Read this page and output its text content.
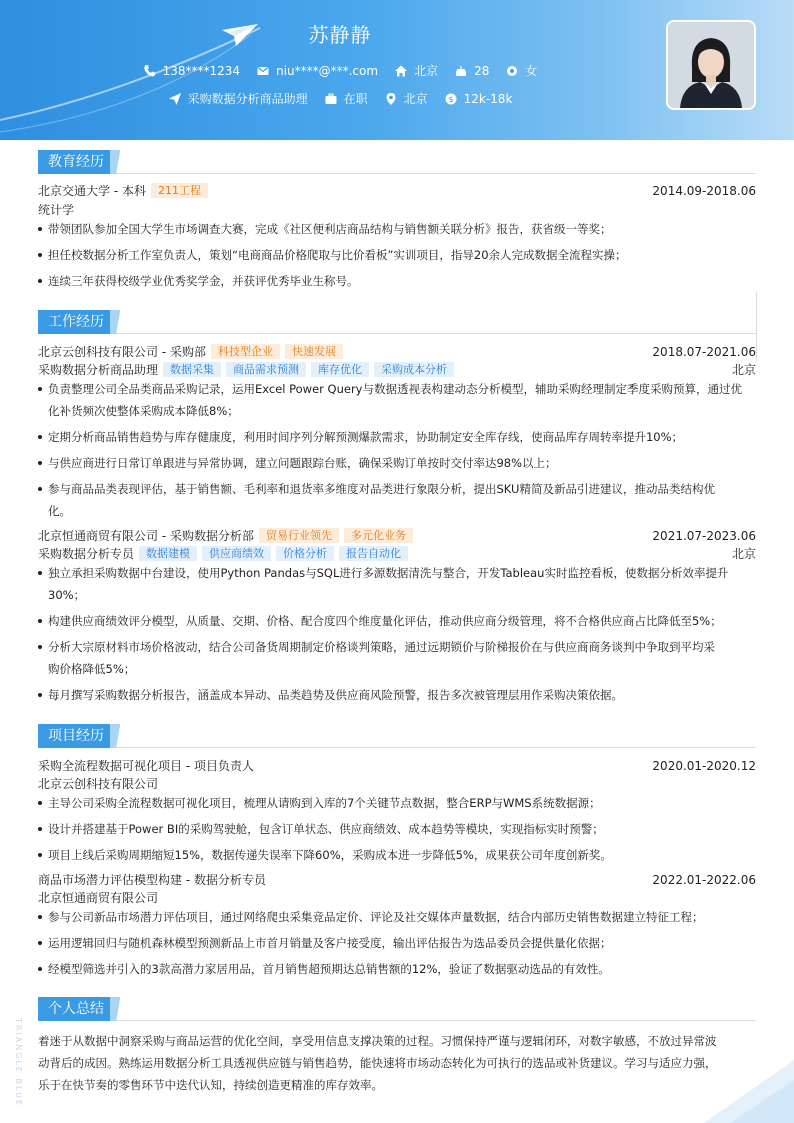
苏静静
138****1234	niu****@***.com	北京	28	女
采购数据分析商品助理	在职	北京	$ 12k-18k
教育经历
北京交通大学 - 本科	211工程	2014.09-2018.06
统计学
带领团队参加全国大学生市场调查大赛，完成《社区便利店商品结构与销售额关联分析》报告，获省级一等奖；
担任校数据分析工作室负责人，策划“电商商品价格爬取与比价看板”实训项目，指导20余人完成数据全流程实操；
连续三年获得校级学业优秀奖学金，并获评优秀毕业生称号。
工作经历
北京云创科技有限公司 - 采购部	科技型企业	快速发展	2018.07-2021.06
采购数据分析商品助理	数据采集	商品需求预测	库存优化	采购成本分析	北京
负责整理公司全品类商品采购记录，运用Excel Power Query与数据透视表构建动态分析模型，辅助采购经理制定季度采购预算，通过优
化补货频次使整体采购成本降低8%；
定期分析商品销售趋势与库存健康度，利用时间序列分解预测爆款需求，协助制定安全库存线，使商品库存周转率提升10%；
与供应商进行日常订单跟进与异常协调，建立问题跟踪台账，确保采购订单按时交付率达98%以上；
参与商品品类表现评估，基于销售额、毛利率和退货率多维度对品类进行象限分析，提出SKU精简及新品引进建议，推动品类结构优
化。
北京恒通商贸有限公司 - 采购数据分析部	贸易行业领先	多元化业务	2021.07-2023.06
采购数据分析专员	数据建模	供应商绩效	价格分析	报告自动化	北京
独立承担采购数据中台建设，使用Python Pandas与SQL进行多源数据清洗与整合，开发Tableau实时监控看板，使数据分析效率提升
30%；
构建供应商绩效评分模型，从质量、交期、价格、配合度四个维度量化评估，推动供应商分级管理，将不合格供应商占比降低至5%；
分析大宗原材料市场价格波动，结合公司备货周期制定价格谈判策略，通过远期锁价与阶梯报价在与供应商商务谈判中争取到平均采
购价格降低5%；
每月撰写采购数据分析报告，涵盖成本异动、品类趋势及供应商风险预警，报告多次被管理层用作采购决策依据。
项目经历
采购全流程数据可视化项目 - 项目负责人	2020.01-2020.12
北京云创科技有限公司
主导公司采购全流程数据可视化项目，梳理从请购到入库的7个关键节点数据，整合ERP与WMS系统数据源；
设计并搭建基于Power BI的采购驾驶舱，包含订单状态、供应商绩效、成本趋势等模块，实现指标实时预警；
项目上线后采购周期缩短15%，数据传递失误率下降60%，采购成本进一步降低5%，成果获公司年度创新奖。
商品市场潜力评估模型构建 - 数据分析专员	2022.01-2022.06
北京恒通商贸有限公司
参与公司新品市场潜力评估项目，通过网络爬虫采集竞品定价、评论及社交媒体声量数据，结合内部历史销售数据建立特征工程；
运用逻辑回归与随机森林模型预测新品上市首月销量及客户接受度，输出评估报告为选品委员会提供量化依据；
经模型筛选并引入的3款高潜力家居用品，首月销售超预期达总销售额的12%，验证了数据驱动选品的有效性。
个人总结
着迷于从数据中洞察采购与商品运营的优化空间，享受用信息支撑决策的过程。习惯保持严谨与逻辑闭环，对数字敏感，不放过异常波
动背后的成因。熟练运用数据分析工具透视供应链与销售趋势，能快速将市场动态转化为可执行的选品或补货建议。学习与适应力强，
乐于在快节奏的零售环节中迭代认知，持续创造更精准的库存效率。
TRIANGLE BLUE
